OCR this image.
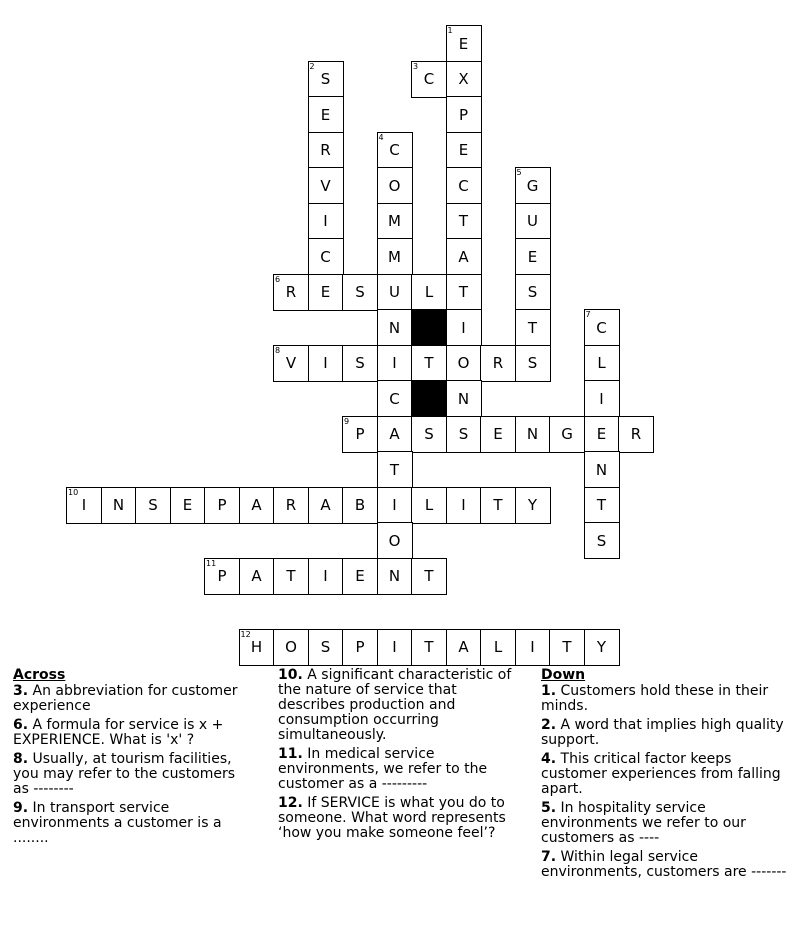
1
E
2
S
3
C	X
E	P
R
4
C	E
V	O	C
5
G
I	M	T	U
C	M	A	E
6
R	E	S	U	L	T	S
N	I	T
7
C
8
V	I	S	I	T	O	R	S	L
C	N	I
9
P	A	S	S	E	N	G	E	R
T	N
10
I	N	S	E	P	A	R	A	B	I	L	I	T	Y	T
O	S
11
P	A	T	I	E	N	T
12
H	O	S	P	I	T	A	L	I	T	Y
Across
3. An abbreviation for customer experience
6. A formula for service is x + EXPERIENCE. What is 'x' ?
8. Usually, at tourism facilities, you may refer to the customers as --------
9. In transport service environments a customer is a ........
10. A significant characteristic of the nature of service that describes production and consumption occurring simultaneously.
11. In medical service environments, we refer to the customer as a ---------
12. If SERVICE is what you do to someone. What word represents ‘how you make someone feel’?
Down
1. Customers hold these in their minds.
2. A word that implies high quality support.
4. This critical factor keeps customer experiences from falling apart.
5. In hospitality service environments we refer to our customers as ----
7. Within legal service environments, customers are -------
